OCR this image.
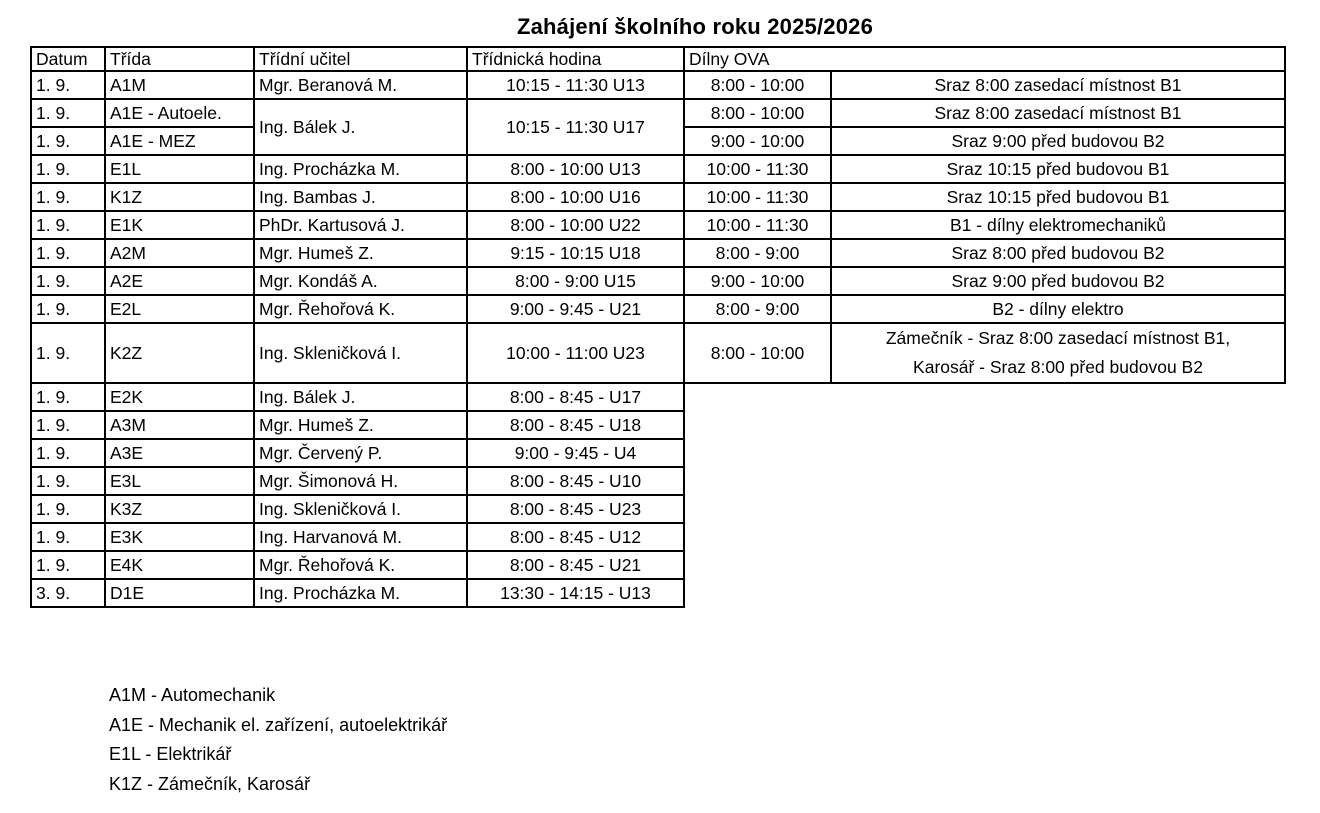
Zahájení školního roku 2025/2026
Datum	Třída	Třídní učitel	Třídnická hodina	Dílny OVA	
1. 9.	A1M	Mgr. Beranová M.	10:15 - 11:30 U13	8:00 - 10:00	Sraz 8:00 zasedací místnost B1
1. 9.	A1E - Autoele.	Ing. Bálek J.	10:15 - 11:30 U17	8:00 - 10:00	Sraz 8:00 zasedací místnost B1
1. 9.	A1E - MEZ			9:00 - 10:00	Sraz 9:00 před budovou B2
1. 9.	E1L	Ing. Procházka M.	8:00 - 10:00 U13	10:00 - 11:30	Sraz 10:15 před budovou B1
1. 9.	K1Z	Ing. Bambas J.	8:00 - 10:00 U16	10:00 - 11:30	Sraz 10:15 před budovou B1
1. 9.	E1K	PhDr. Kartusová J.	8:00 - 10:00 U22	10:00 - 11:30	B1 - dílny elektromechaniků
1. 9.	A2M	Mgr. Humeš Z.	9:15 - 10:15 U18	8:00 - 9:00	Sraz 8:00 před budovou B2
1. 9.	A2E	Mgr. Kondáš A.	8:00 - 9:00 U15	9:00 - 10:00	Sraz 9:00 před budovou B2
1. 9.	E2L	Mgr. Řehořová K.	9:00 - 9:45 - U21	8:00 - 9:00	B2 - dílny elektro
1. 9.	K2Z	Ing. Skleničková I.	10:00 - 11:00 U23	8:00 - 10:00	Zámečník - Sraz 8:00 zasedací místnost B1,
Karosář - Sraz 8:00 před budovou B2

1. 9.	E2K	Ing. Bálek J.	8:00 - 8:45 - U17		
1. 9.	A3M	Mgr. Humeš Z.	8:00 - 8:45 - U18		
1. 9.	A3E	Mgr. Červený P.	9:00 - 9:45 - U4		
1. 9.	E3L	Mgr. Šimonová H.	8:00 - 8:45 - U10		
1. 9.	K3Z	Ing. Skleničková I.	8:00 - 8:45 - U23		
1. 9.	E3K	Ing. Harvanová M.	8:00 - 8:45 - U12		
1. 9.	E4K	Mgr. Řehořová K.	8:00 - 8:45 - U21		
3. 9.	D1E	Ing. Procházka M.	13:30 - 14:15 - U13		
A1M - Automechanik
A1E - Mechanik el. zařízení, autoelektrikář
E1L - Elektrikář
K1Z - Zámečník, Karosář
